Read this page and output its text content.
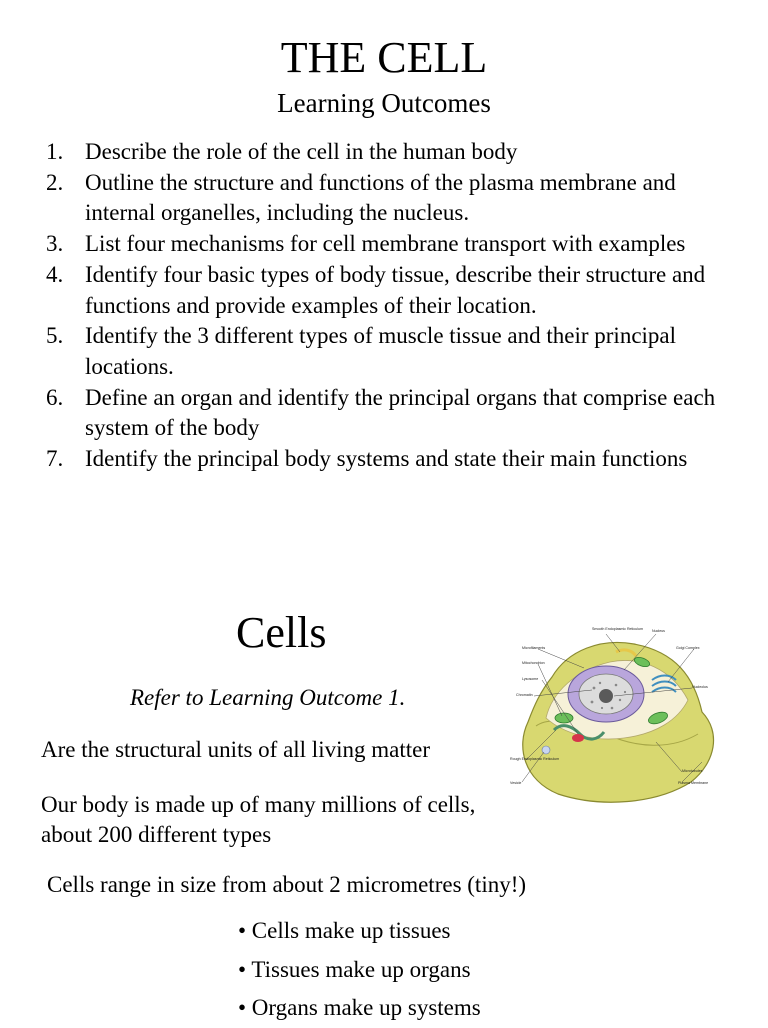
THE CELL
Learning Outcomes
1. Describe the role of the cell in the human body
2. Outline the structure and functions of the plasma membrane and internal organelles, including the nucleus.
3. List four mechanisms for cell membrane transport with examples
4. Identify four basic types of body tissue, describe their structure and functions and provide examples of their location.
5. Identify the 3 different types of muscle tissue and their principal locations.
6. Define an organ and identify the principal organs that comprise each system of the body
7. Identify the principal body systems and state their main functions
Cells
Refer to Learning Outcome 1.
Are the structural units of all living matter
Our body is made up of many millions of cells, about 200 different types
Cells range in size from about 2 micrometres (tiny!)
• Cells make up tissues
• Tissues make up organs
• Organs make up systems
Smooth Endoplasmic Reticulum	Nucleus
Microfilaments	Golgi Complex
Mitochondrion
Nucleolus
Lysosome
Chromatin
Rough Endoplasmic Reticulum
Microtubules
Vesicle	Plasma Membrane
